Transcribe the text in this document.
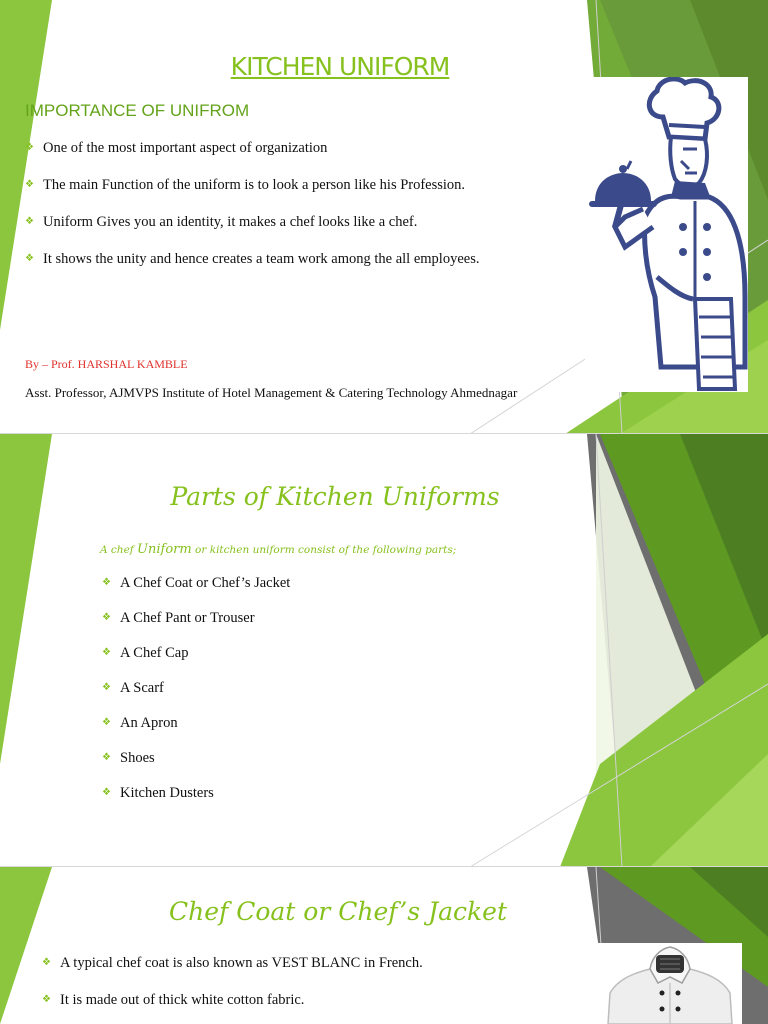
KITCHEN UNIFORM
IMPORTANCE OF UNIFROM
❖ One of the most important aspect of organization
❖ The main Function of the uniform is to look a person like his Profession.
❖ Uniform Gives you an identity, it makes a chef looks like a chef.
❖ It shows the unity and hence creates a team work among the all employees.
By – Prof. HARSHAL KAMBLE
Asst. Professor, AJMVPS Institute of Hotel Management & Catering Technology Ahmednagar
Parts of Kitchen Uniforms
A chef Uniform or kitchen uniform consist of the following parts;
❖ A Chef Coat or Chef’s Jacket
❖ A Chef Pant or Trouser
❖ A Chef Cap
❖ A Scarf
❖ An Apron
❖ Shoes
❖ Kitchen Dusters
Chef Coat or Chef’s Jacket
❖ A typical chef coat is also known as VEST BLANC in French.
❖ It is made out of thick white cotton fabric.
